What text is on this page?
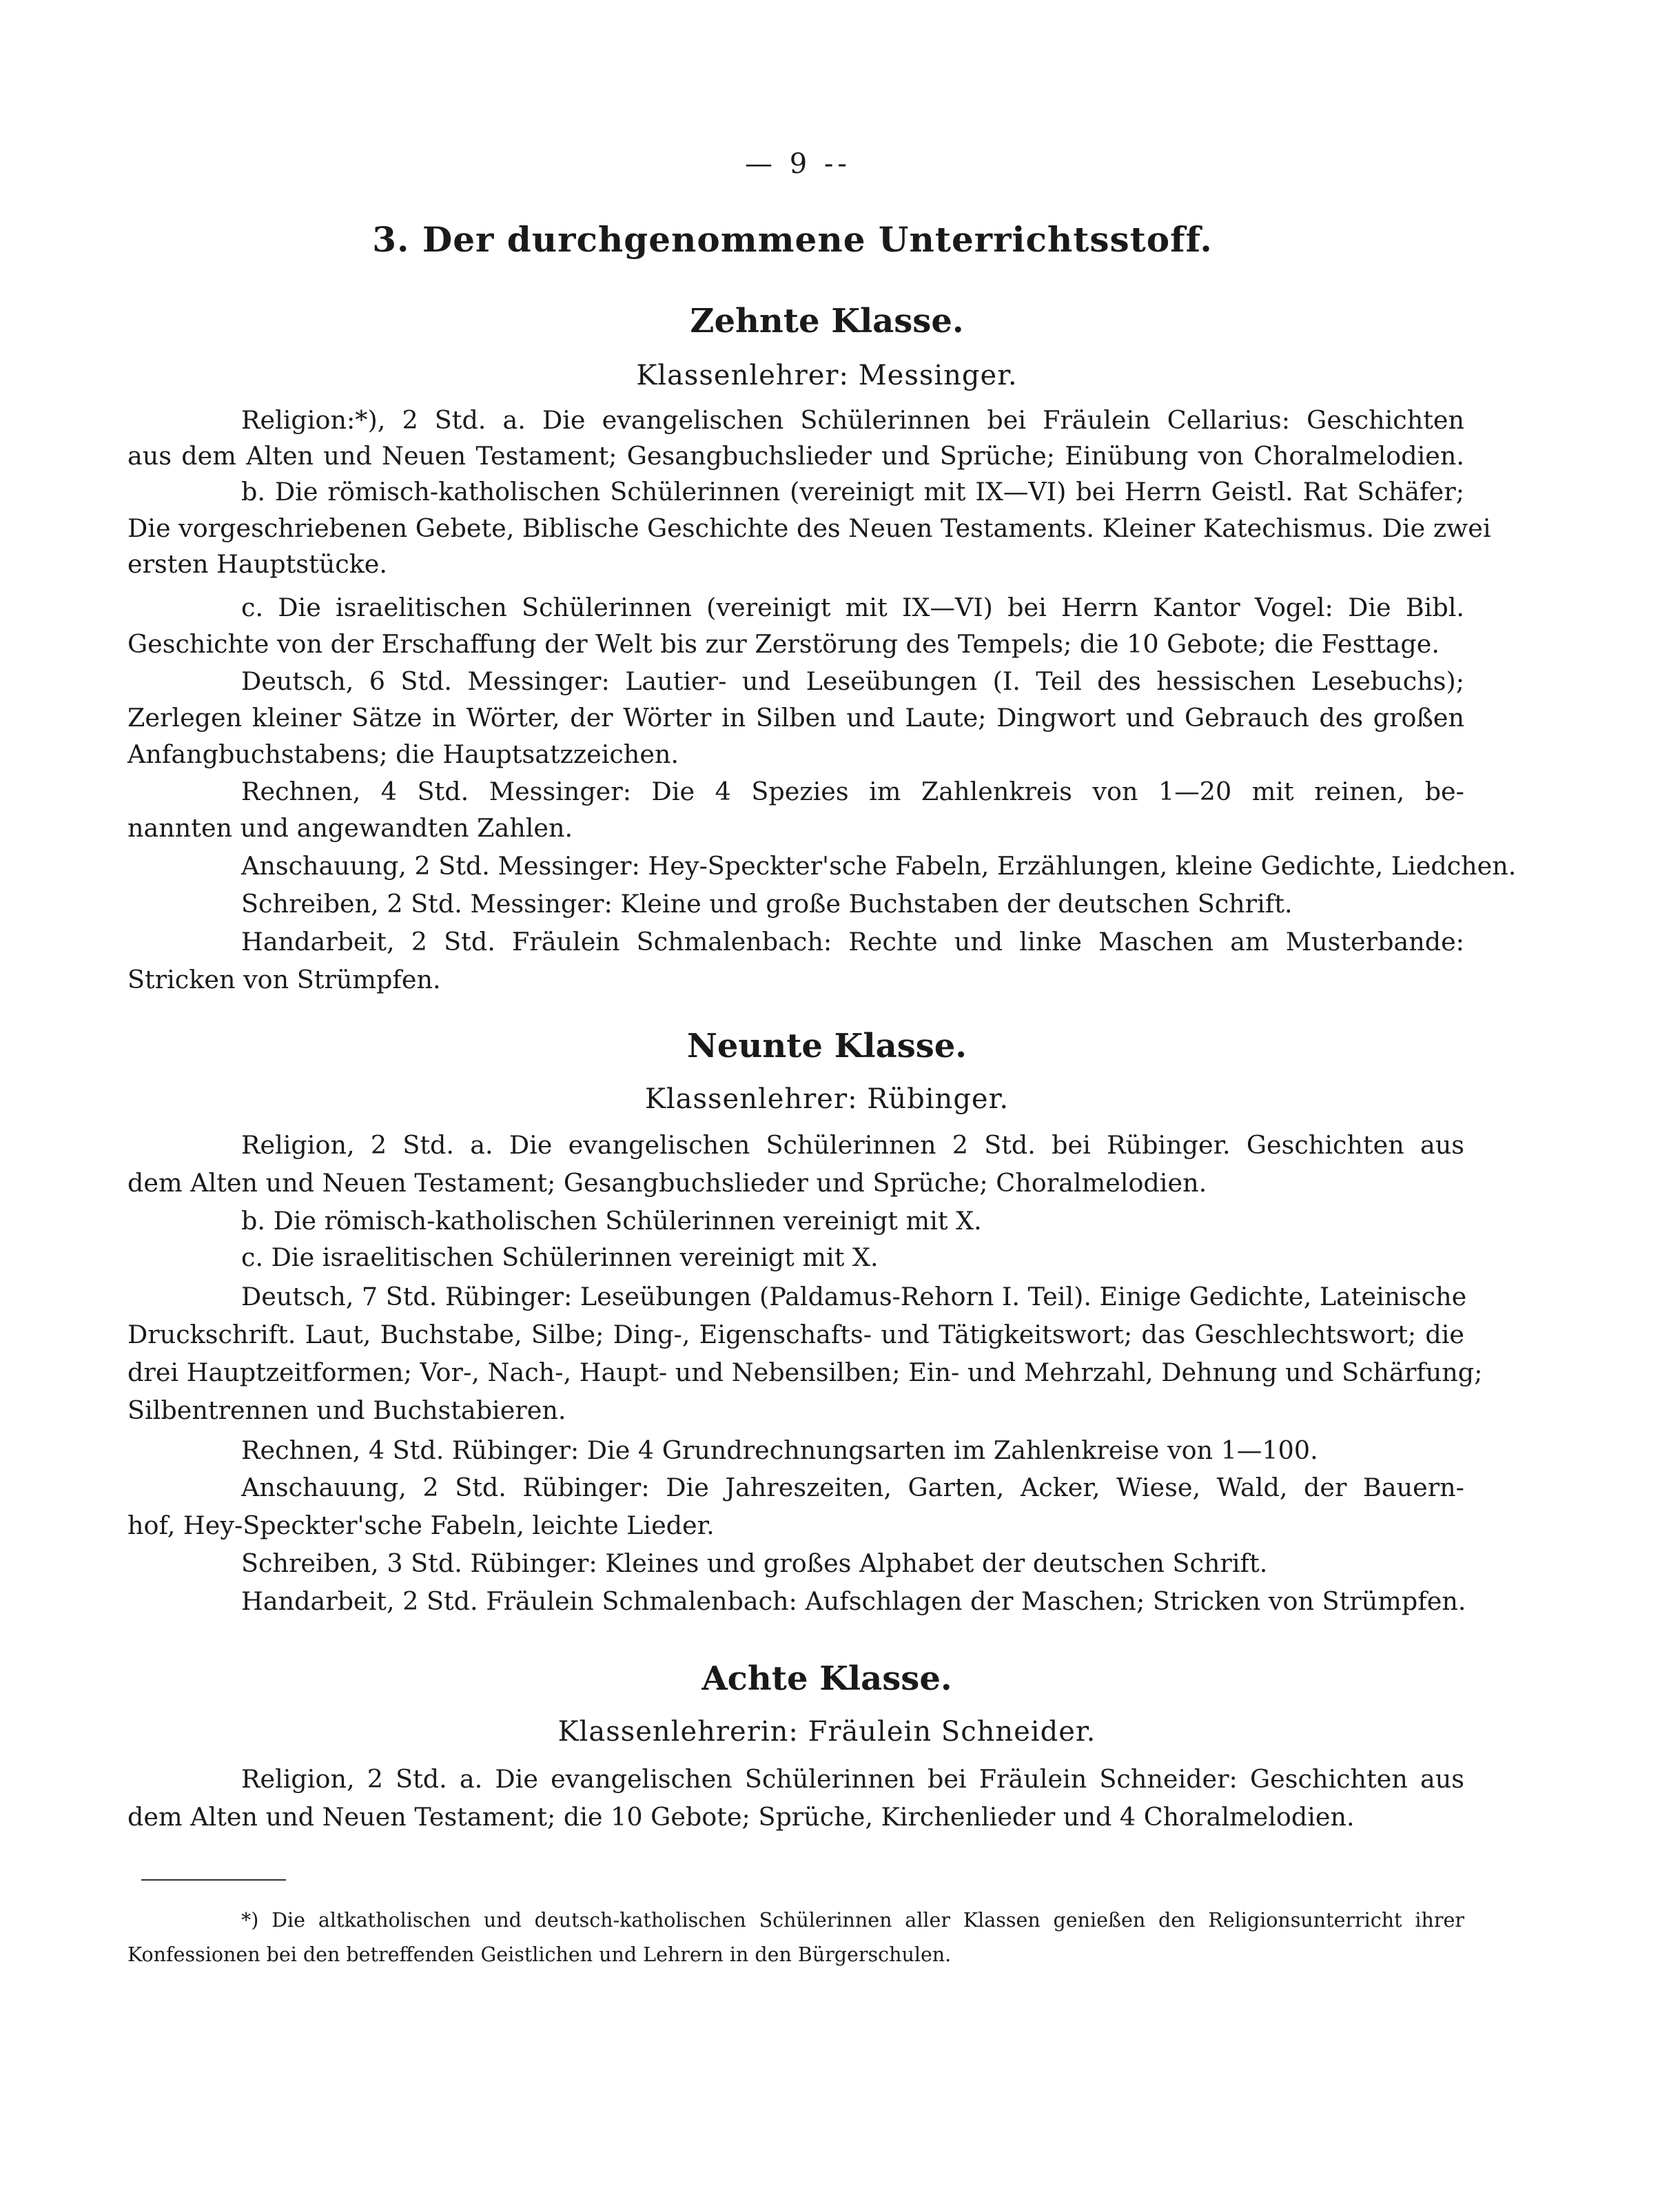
— 9 --
3. Der durchgenommene Unterrichtsstoff.
Zehnte Klasse.
Klassenlehrer: Messinger.
Religion:*), 2 Std. a. Die evangelischen Schülerinnen bei Fräulein Cellarius: Geschichten
aus dem Alten und Neuen Testament; Gesangbuchslieder und Sprüche; Einübung von Choralmelodien.
b. Die römisch-katholischen Schülerinnen (vereinigt mit IX—VI) bei Herrn Geistl. Rat Schäfer;
Die vorgeschriebenen Gebete, Biblische Geschichte des Neuen Testaments. Kleiner Katechismus. Die zwei
ersten Hauptstücke.
c. Die israelitischen Schülerinnen (vereinigt mit IX—VI) bei Herrn Kantor Vogel: Die Bibl.
Geschichte von der Erschaffung der Welt bis zur Zerstörung des Tempels; die 10 Gebote; die Festtage.
Deutsch, 6 Std. Messinger: Lautier- und Leseübungen (I. Teil des hessischen Lesebuchs);
Zerlegen kleiner Sätze in Wörter, der Wörter in Silben und Laute; Dingwort und Gebrauch des großen
Anfangbuchstabens; die Hauptsatzzeichen.
Rechnen, 4 Std. Messinger: Die 4 Spezies im Zahlenkreis von 1—20 mit reinen, be-
nannten und angewandten Zahlen.
Anschauung, 2 Std. Messinger: Hey-Speckter'sche Fabeln, Erzählungen, kleine Gedichte, Liedchen.
Schreiben, 2 Std. Messinger: Kleine und große Buchstaben der deutschen Schrift.
Handarbeit, 2 Std. Fräulein Schmalenbach: Rechte und linke Maschen am Musterbande:
Stricken von Strümpfen.
Neunte Klasse.
Klassenlehrer: Rübinger.
Religion, 2 Std. a. Die evangelischen Schülerinnen 2 Std. bei Rübinger. Geschichten aus
dem Alten und Neuen Testament; Gesangbuchslieder und Sprüche; Choralmelodien.
b. Die römisch-katholischen Schülerinnen vereinigt mit X.
c. Die israelitischen Schülerinnen vereinigt mit X.
Deutsch, 7 Std. Rübinger: Leseübungen (Paldamus-Rehorn I. Teil). Einige Gedichte, Lateinische
Druckschrift. Laut, Buchstabe, Silbe; Ding-, Eigenschafts- und Tätigkeitswort; das Geschlechtswort; die
drei Hauptzeitformen; Vor-, Nach-, Haupt- und Nebensilben; Ein- und Mehrzahl, Dehnung und Schärfung;
Silbentrennen und Buchstabieren.
Rechnen, 4 Std. Rübinger: Die 4 Grundrechnungsarten im Zahlenkreise von 1—100.
Anschauung, 2 Std. Rübinger: Die Jahreszeiten, Garten, Acker, Wiese, Wald, der Bauern-
hof, Hey-Speckter'sche Fabeln, leichte Lieder.
Schreiben, 3 Std. Rübinger: Kleines und großes Alphabet der deutschen Schrift.
Handarbeit, 2 Std. Fräulein Schmalenbach: Aufschlagen der Maschen; Stricken von Strümpfen.
Achte Klasse.
Klassenlehrerin: Fräulein Schneider.
Religion, 2 Std. a. Die evangelischen Schülerinnen bei Fräulein Schneider: Geschichten aus
dem Alten und Neuen Testament; die 10 Gebote; Sprüche, Kirchenlieder und 4 Choralmelodien.
*) Die altkatholischen und deutsch-katholischen Schülerinnen aller Klassen genießen den Religionsunterricht ihrer
Konfessionen bei den betreffenden Geistlichen und Lehrern in den Bürgerschulen.
